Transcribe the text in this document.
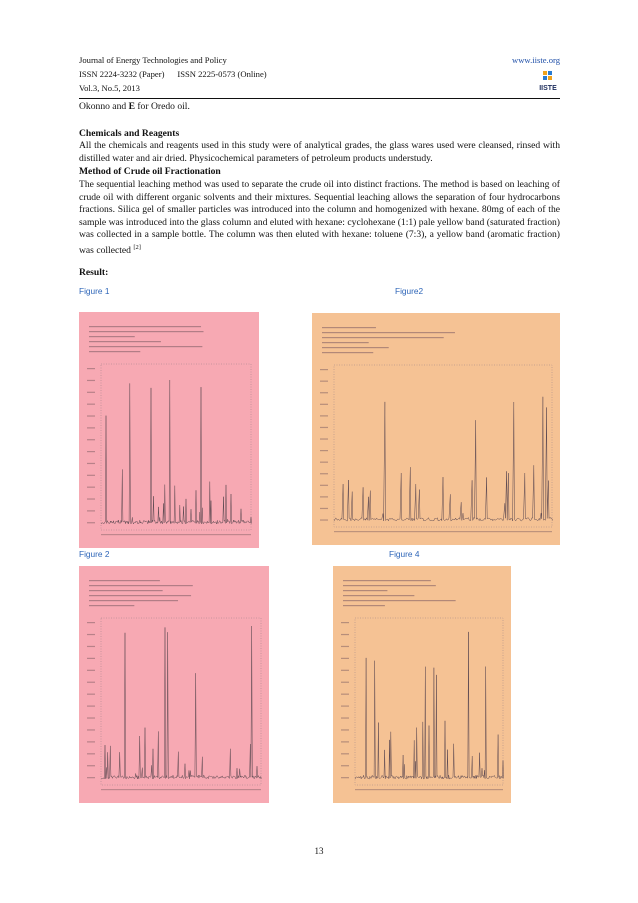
Journal of Energy Technologies and Policy
ISSN 2224-3232 (Paper)      ISSN 2225-0573 (Online)
Vol.3, No.5, 2013
www.iiste.org
IISTE
Okonno and E for Oredo oil.
Chemicals and Reagents
All the chemicals and reagents used in this study were of analytical grades, the glass wares used were cleansed, rinsed with distilled water and air dried. Physicochemical parameters of petroleum products understudy.
Method of Crude oil Fractionation
The sequential leaching method was used to separate the crude oil into distinct fractions. The method is based on leaching of crude oil with different organic solvents and their mixtures. Sequential leaching allows the separation of four hydrocarbons fractions. Silica gel of smaller particles was introduced into the column and homogenized with hexane. 80mg of each of the sample was introduced into the glass column and eluted with hexane: cyclohexane (1:1) pale yellow band (saturated fraction) was collected in a sample bottle. The column was then eluted with hexane: toluene (7:3), a yellow band (aromatic fraction) was collected [2]
Result:
Figure 1	Figure2
Figure 2	Figure 4
13
